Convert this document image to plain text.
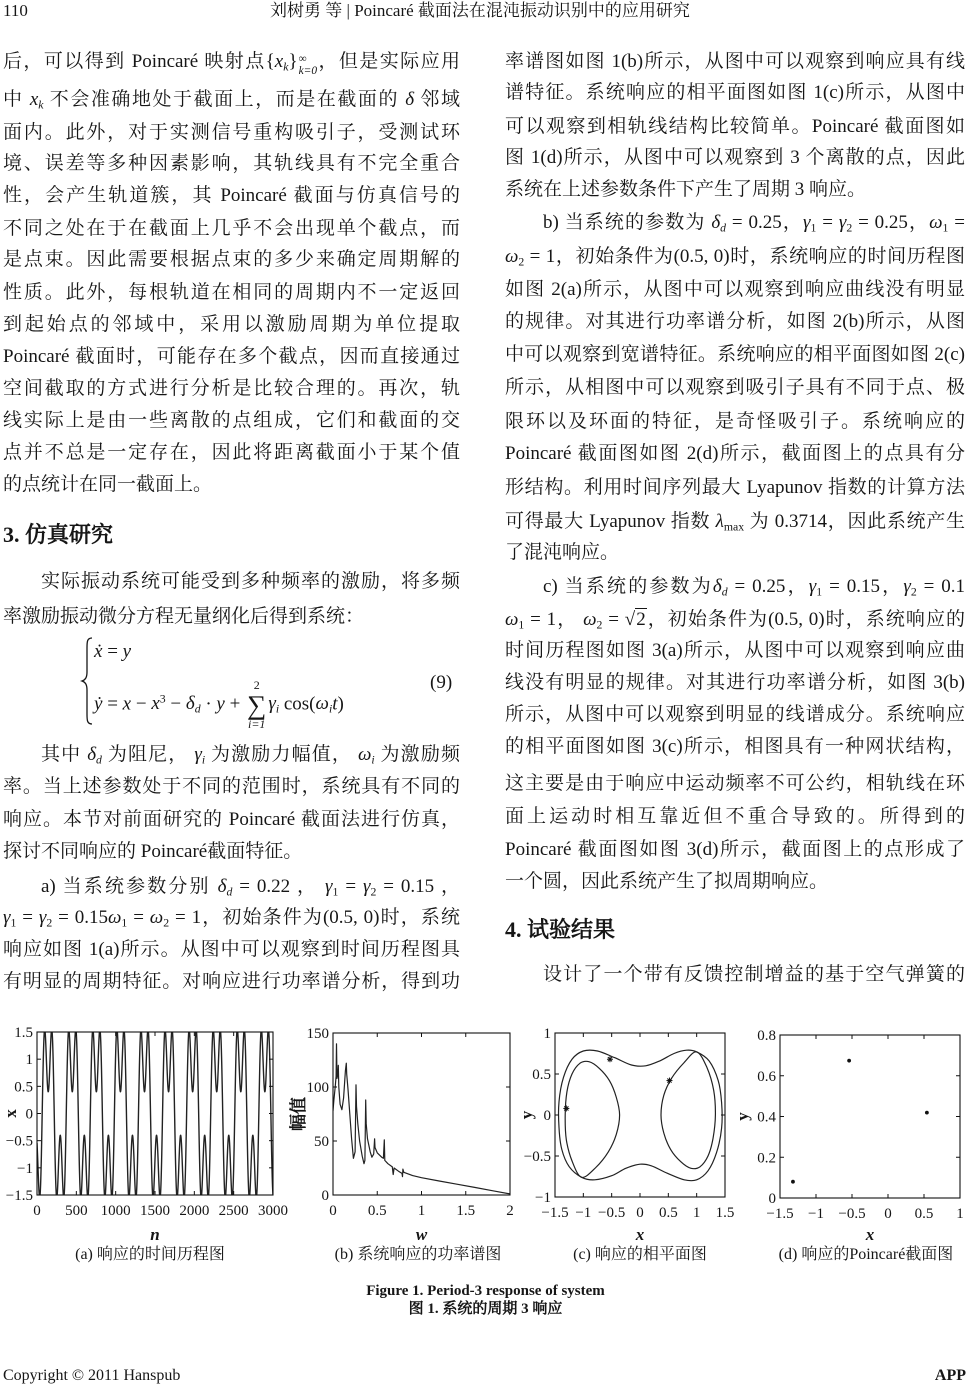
110	刘树勇 等 | Poincaré 截面法在混沌振动识别中的应用研究
后，可以得到 Poincaré 映射点{xk} ∞
k=0 ，但是实际应用
中 xk 不会准确地处于截面上，而是在截面的 δ 邻域
面内。此外，对于实测信号重构吸引子，受测试环
境、误差等多种因素影响，其轨线具有不完全重合
性，会产生轨道簇，其 Poincaré 截面与仿真信号的
不同之处在于在截面上几乎不会出现单个截点，而
是点束。因此需要根据点束的多少来确定周期解的
性质。此外，每根轨道在相同的周期内不一定返回
到起始点的邻域中，采用以激励周期为单位提取
Poincaré 截面时，可能存在多个截点，因而直接通过
空间截取的方式进行分析是比较合理的。再次，轨
线实际上是由一些离散的点组成，它们和截面的交
点并不总是一定存在，因此将距离截面小于某个值
的点统计在同一截面上。
3. 仿真研究
实际振动系统可能受到多种频率的激励，将多频
率激励振动微分方程无量纲化后得到系统：
ẋ = y
ẏ = $x - x^3 - \delta d \cdot y$ +
2
∑
i=1
γi cos(ωit)
(9)
其中 δd 为阻尼， γi 为激励力幅值， ωi 为激励频
率。当上述参数处于不同的范围时，系统具有不同的
响应。本节对前面研究的 Poincaré 截面法进行仿真，
探讨不同响应的 Poincaré截面特征。
a) 当系统参数分别 δd = 0.22 ， γ1 = γ2 = 0.15 ，
γ1 = γ2 = 0.15ω1 = ω2 = 1，初始条件为(0.5, 0)时，系统
响应如图 1(a)所示。从图中可以观察到时间历程图具
有明显的周期特征。对响应进行功率谱分析，得到功
率谱图如图 1(b)所示，从图中可以观察到响应具有线
谱特征。系统响应的相平面图如图 1(c)所示，从图中
可以观察到相轨线结构比较简单。Poincaré 截面图如
图 1(d)所示，从图中可以观察到 3 个离散的点，因此
系统在上述参数条件下产生了周期 3 响应。
b) 当系统的参数为 δd = 0.25，γ1 = γ2 = 0.25，ω1 =
ω2 = 1，初始条件为(0.5, 0)时，系统响应的时间历程图
如图 2(a)所示，从图中可以观察到响应曲线没有明显
的规律。对其进行功率谱分析，如图 2(b)所示，从图
中可以观察到宽谱特征。系统响应的相平面图如图 2(c)
所示，从相图中可以观察到吸引子具有不同于点、极
限环以及环面的特征，是奇怪吸引子。系统响应的
Poincaré 截面图如图 2(d)所示，截面图上的点具有分
形结构。利用时间序列最大 Lyapunov 指数的计算方法
可得最大 Lyapunov 指数 λmax 为 0.3714，因此系统产生
了混沌响应。
c) 当系统的参数为δd = 0.25，γ1 = 0.15，γ2 = 0.1
ω1 = 1， ω2 = √2，初始条件为(0.5, 0)时，系统响应的
时间历程图如图 3(a)所示，从图中可以观察到响应曲
线没有明显的规律。对其进行功率谱分析，如图 3(b)
所示，从图中可以观察到明显的线谱成分。系统响应
的相平面图如图 3(c)所示，相图具有一种网状结构，
这主要是由于响应中运动频率不可公约，相轨线在环
面上运动时相互靠近但不重合导致的。所得到的
Poincaré 截面图如图 3(d)所示，截面图上的点形成了
一个圆，因此系统产生了拟周期响应。
4. 试验结果
设计了一个带有反馈控制增益的基于空气弹簧的
0 500 1000 1500 2000 2500 3000
1.5
1
0.5
0
−0.5
−1
−1.5
n
x
0 0.5 1 1.5 2
150
100
50
0
w
幅值
−1.5 −1 −0.5 0 0.5 1 1.5
1
0.5
0
−0.5
−1
x
y
−1.5 −1 −0.5 0 0.5 1
0.8
0.6
0.4
0.2
0
x
y
(a) 响应的时间历程图	(b) 系统响应的功率谱图	(c) 响应的相平面图	(d) 响应的Poincaré截面图
Figure 1. Period-3 response of system
图 1. 系统的周期 3 响应
Copyright © 2011 Hanspub	APP
